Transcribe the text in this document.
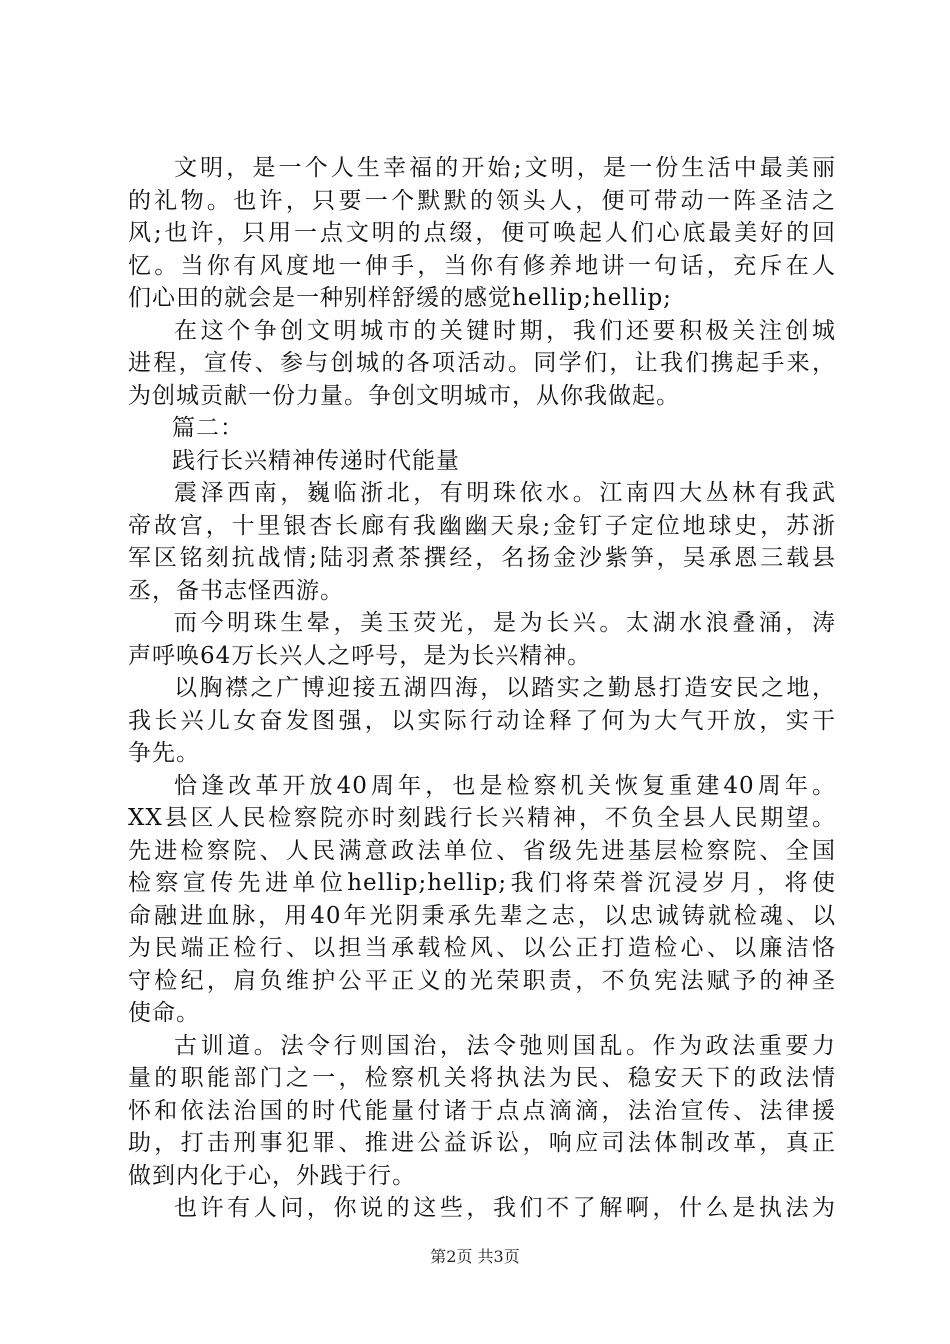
文明，是一个人生幸福的开始;文明，是一份生活中最美丽
的礼物。也许，只要一个默默的领头人，便可带动一阵圣洁之
风;也许，只用一点文明的点缀，便可唤起人们心底最美好的回
忆。当你有风度地一伸手，当你有修养地讲一句话，充斥在人
们心田的就会是一种别样舒缓的感觉hellip;hellip;
在这个争创文明城市的关键时期，我们还要积极关注创城
进程，宣传、参与创城的各项活动。同学们，让我们携起手来，
为创城贡献一份力量。争创文明城市，从你我做起。
篇二：
践行长兴精神传递时代能量
震泽西南，巍临浙北，有明珠依水。江南四大丛林有我武
帝故宫，十里银杏长廊有我幽幽天泉;金钉子定位地球史，苏浙
军区铭刻抗战情;陆羽煮茶撰经，名扬金沙紫笋，吴承恩三载县
丞，备书志怪西游。
而今明珠生晕，美玉荧光，是为长兴。太湖水浪叠涌，涛
声呼唤64万长兴人之呼号，是为长兴精神。
以胸襟之广博迎接五湖四海，以踏实之勤恳打造安民之地，
我长兴儿女奋发图强，以实际行动诠释了何为大气开放，实干
争先。
恰逢改革开放40周年，也是检察机关恢复重建40周年。
XX县区人民检察院亦时刻践行长兴精神，不负全县人民期望。
先进检察院、人民满意政法单位、省级先进基层检察院、全国
检察宣传先进单位hellip;hellip;我们将荣誉沉浸岁月，将使
命融进血脉，用40年光阴秉承先辈之志，以忠诚铸就检魂、以
为民端正检行、以担当承载检风、以公正打造检心、以廉洁恪
守检纪，肩负维护公平正义的光荣职责，不负宪法赋予的神圣
使命。
古训道。法令行则国治，法令弛则国乱。作为政法重要力
量的职能部门之一，检察机关将执法为民、稳安天下的政法情
怀和依法治国的时代能量付诸于点点滴滴，法治宣传、法律援
助，打击刑事犯罪、推进公益诉讼，响应司法体制改革，真正
做到内化于心，外践于行。
也许有人问，你说的这些，我们不了解啊，什么是执法为
第2页 共3页
